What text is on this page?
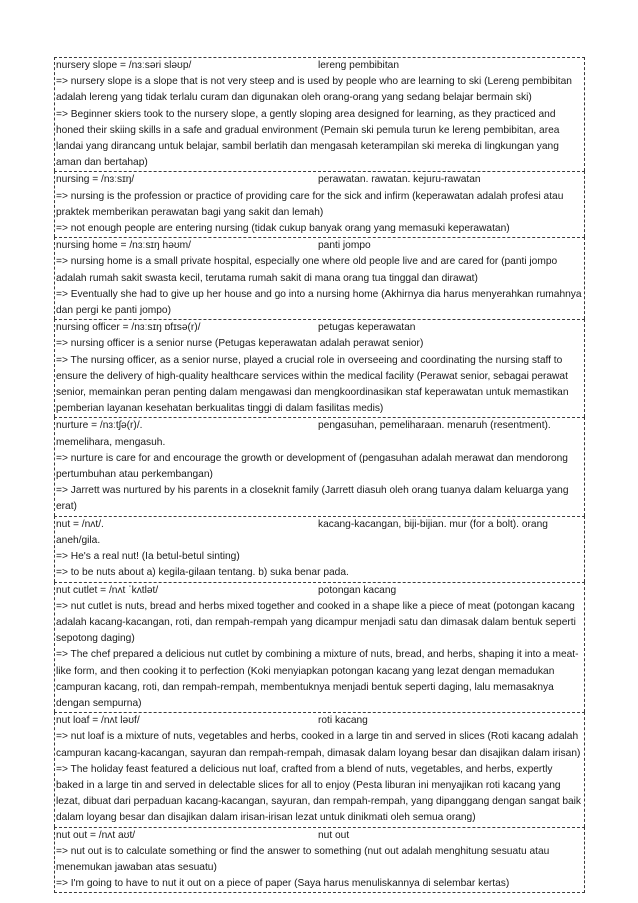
nursery slope = /nɜːsəri sləʊp/	lereng pembibitan
=> nursery slope is a slope that is not very steep and is used by people who are learning to ski (Lereng pembibitan adalah lereng yang tidak terlalu curam dan digunakan oleh orang-orang yang sedang belajar bermain ski)
=> Beginner skiers took to the nursery slope, a gently sloping area designed for learning, as they practiced and honed their skiing skills in a safe and gradual environment (Pemain ski pemula turun ke lereng pembibitan, area landai yang dirancang untuk belajar, sambil berlatih dan mengasah keterampilan ski mereka di lingkungan yang aman dan bertahap)
nursing = /nɜːsɪŋ/	perawatan. rawatan. kejuru-rawatan
=> nursing is the profession or practice of providing care for the sick and infirm (keperawatan adalah profesi atau praktek memberikan perawatan bagi yang sakit dan lemah)
=> not enough people are entering nursing (tidak cukup banyak orang yang memasuki keperawatan)
nursing home = /nɜːsɪŋ həʊm/	panti jompo
=> nursing home is a small private hospital, especially one where old people live and are cared for (panti jompo adalah rumah sakit swasta kecil, terutama rumah sakit di mana orang tua tinggal dan dirawat)
=> Eventually she had to give up her house and go into a nursing home (Akhirnya dia harus menyerahkan rumahnya dan pergi ke panti jompo)
nursing officer = /nɜːsɪŋ ɒfɪsə(r)/	petugas keperawatan
=> nursing officer is a senior nurse (Petugas keperawatan adalah perawat senior)
=> The nursing officer, as a senior nurse, played a crucial role in overseeing and coordinating the nursing staff to ensure the delivery of high-quality healthcare services within the medical facility (Perawat senior, sebagai perawat senior, memainkan peran penting dalam mengawasi dan mengkoordinasikan staf keperawatan untuk memastikan pemberian layanan kesehatan berkualitas tinggi di dalam fasilitas medis)
nurture = /nɜːtʃə(r)/.	pengasuhan, pemeliharaan. menaruh (resentment). memelihara, mengasuh.
=> nurture is care for and encourage the growth or development of (pengasuhan adalah merawat dan mendorong pertumbuhan atau perkembangan)
=> Jarrett was nurtured by his parents in a closeknit family (Jarrett diasuh oleh orang tuanya dalam keluarga yang erat)
nut = /nʌt/.	kacang-kacangan, biji-bijian. mur (for a bolt). orang aneh/gila.
=> He's a real nut! (Ia betul-betul sinting)
=> to be nuts about a) kegila-gilaan tentang. b) suka benar pada.
nut cutlet = /nʌt ˈkʌtlət/	potongan kacang
=> nut cutlet is nuts, bread and herbs mixed together and cooked in a shape like a piece of meat (potongan kacang adalah kacang-kacangan, roti, dan rempah-rempah yang dicampur menjadi satu dan dimasak dalam bentuk seperti sepotong daging)
=> The chef prepared a delicious nut cutlet by combining a mixture of nuts, bread, and herbs, shaping it into a meat-like form, and then cooking it to perfection (Koki menyiapkan potongan kacang yang lezat dengan memadukan campuran kacang, roti, dan rempah-rempah, membentuknya menjadi bentuk seperti daging, lalu memasaknya dengan sempurna)
nut loaf = /nʌt ləʊf/	roti kacang
=> nut loaf is a mixture of nuts, vegetables and herbs, cooked in a large tin and served in slices (Roti kacang adalah campuran kacang-kacangan, sayuran dan rempah-rempah, dimasak dalam loyang besar dan disajikan dalam irisan)
=> The holiday feast featured a delicious nut loaf, crafted from a blend of nuts, vegetables, and herbs, expertly baked in a large tin and served in delectable slices for all to enjoy (Pesta liburan ini menyajikan roti kacang yang lezat, dibuat dari perpaduan kacang-kacangan, sayuran, dan rempah-rempah, yang dipanggang dengan sangat baik dalam loyang besar dan disajikan dalam irisan-irisan lezat untuk dinikmati oleh semua orang)
nut out = /nʌt aʊt/	nut out
=> nut out is to calculate something or find the answer to something (nut out adalah menghitung sesuatu atau menemukan jawaban atas sesuatu)
=> I'm going to have to nut it out on a piece of paper (Saya harus menuliskannya di selembar kertas)
